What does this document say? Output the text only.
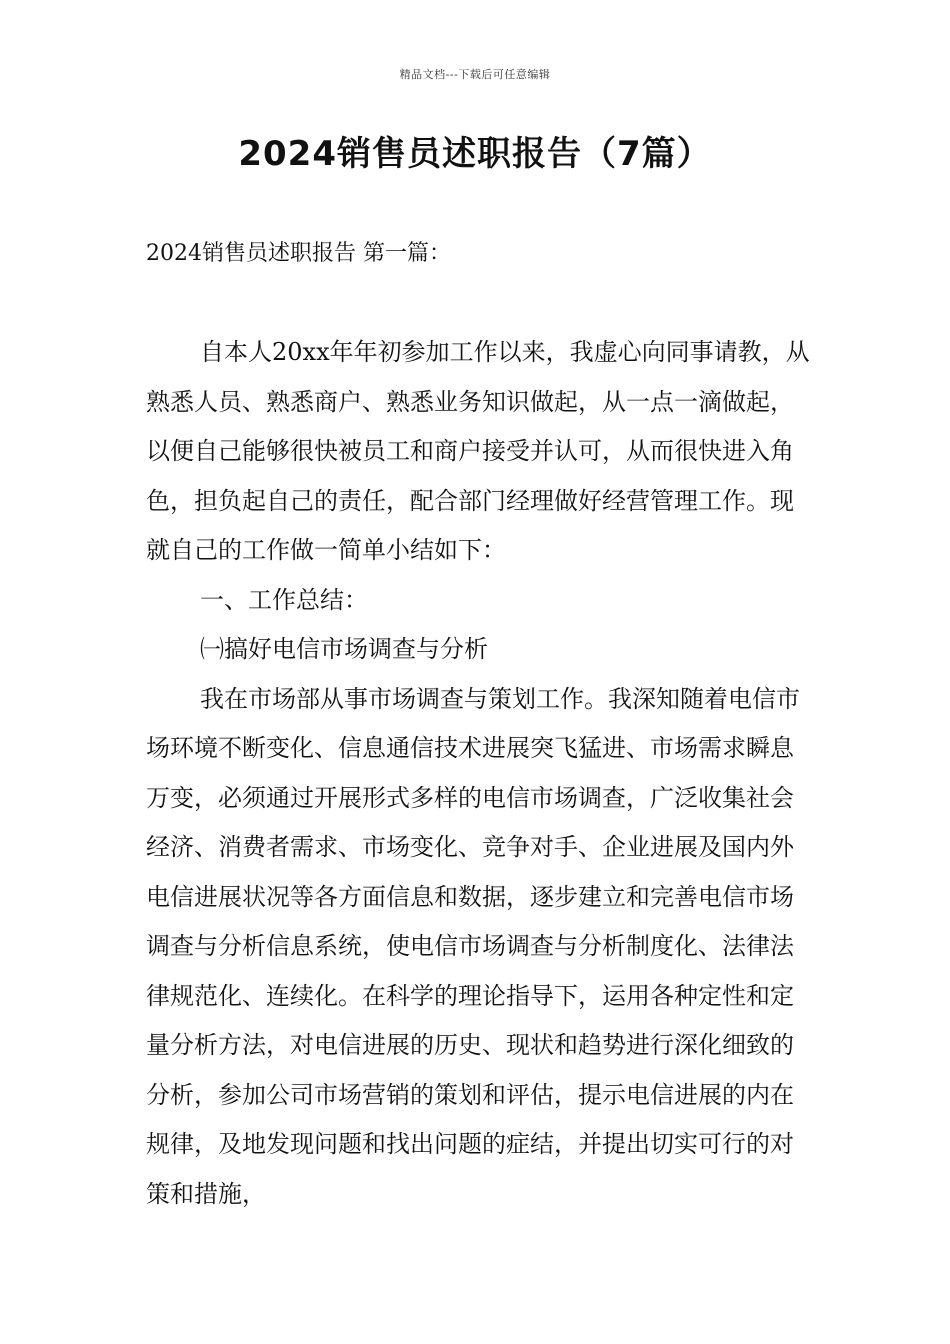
精品文档---下载后可任意编辑
2024销售员述职报告（7篇）
2024销售员述职报告 第一篇：

自本人20xx年年初参加工作以来，我虚心向同事请教，从熟悉人员、熟悉商户、熟悉业务知识做起，从一点一滴做起，以便自己能够很快被员工和商户接受并认可，从而很快进入角色，担负起自己的责任，配合部门经理做好经营管理工作。现就自己的工作做一简单小结如下：

一、工作总结：

㈠搞好电信市场调查与分析

我在市场部从事市场调查与策划工作。我深知随着电信市场环境不断变化、信息通信技术进展突飞猛进、市场需求瞬息万变，必须通过开展形式多样的电信市场调查，广泛收集社会经济、消费者需求、市场变化、竞争对手、企业进展及国内外电信进展状况等各方面信息和数据，逐步建立和完善电信市场调查与分析信息系统，使电信市场调查与分析制度化、法律法律规范化、连续化。在科学的理论指导下，运用各种定性和定量分析方法，对电信进展的历史、现状和趋势进行深化细致的分析，参加公司市场营销的策划和评估，提示电信进展的内在规律，及地发现问题和找出问题的症结，并提出切实可行的对策和措施，
